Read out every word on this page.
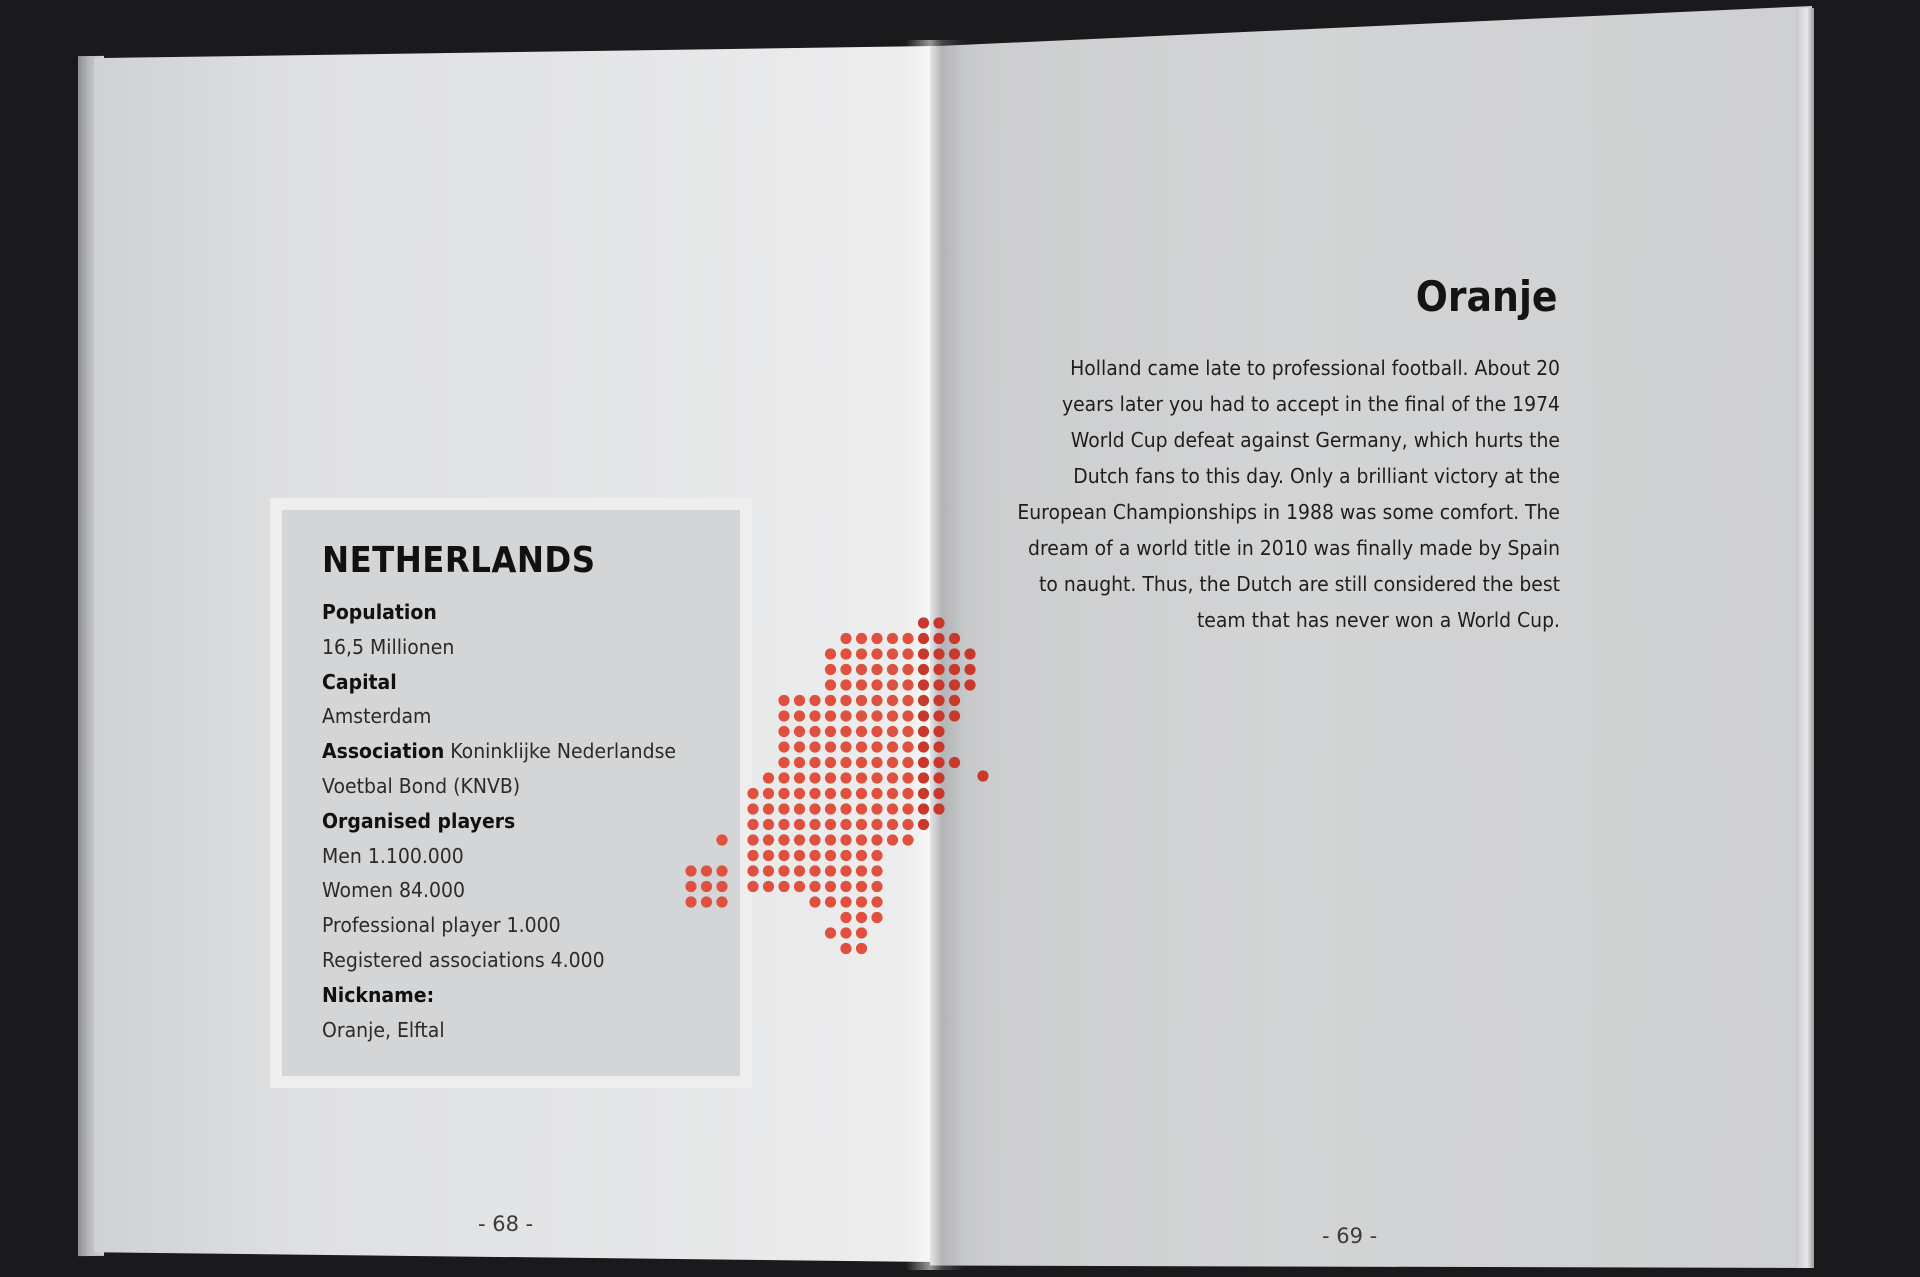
NETHERLANDS
Population
16,5 Millionen
Capital
Amsterdam
Association Koninklijke Nederlandse
Voetbal Bond (KNVB)
Organised players
Men 1.100.000
Women 84.000
Professional player 1.000
Registered associations 4.000
Nickname:
Oranje, Elftal
Oranje
Holland came late to professional football. About 20
years later you had to accept in the final of the 1974
World Cup defeat against Germany, which hurts the
Dutch fans to this day. Only a brilliant victory at the
European Championships in 1988 was some comfort. The
dream of a world title in 2010 was finally made by Spain
to naught. Thus, the Dutch are still considered the best
team that has never won a World Cup.
- 68 -	- 69 -
